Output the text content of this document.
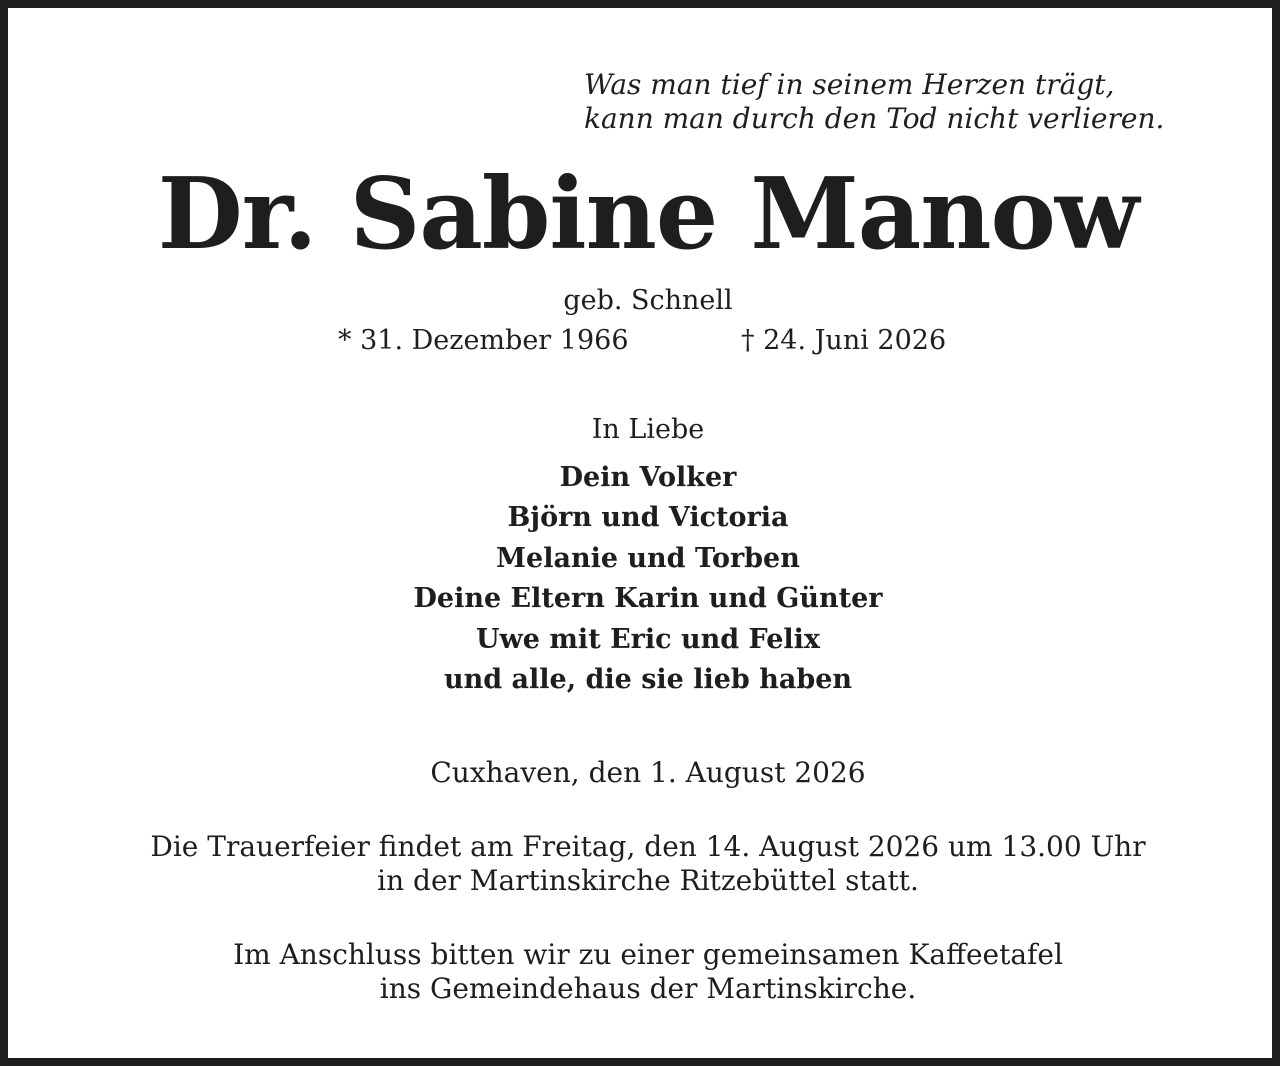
Was man tief in seinem Herzen trägt,
kann man durch den Tod nicht verlieren.
Dr. Sabine Manow
geb. Schnell
* 31. Dezember 1966	† 24. Juni 2026
In Liebe
Dein Volker
Björn und Victoria
Melanie und Torben
Deine Eltern Karin und Günter
Uwe mit Eric und Felix
und alle, die sie lieb haben
Cuxhaven, den 1. August 2026
Die Trauerfeier findet am Freitag, den 14. August 2026 um 13.00 Uhr
in der Martinskirche Ritzebüttel statt.
Im Anschluss bitten wir zu einer gemeinsamen Kaffeetafel
ins Gemeindehaus der Martinskirche.
